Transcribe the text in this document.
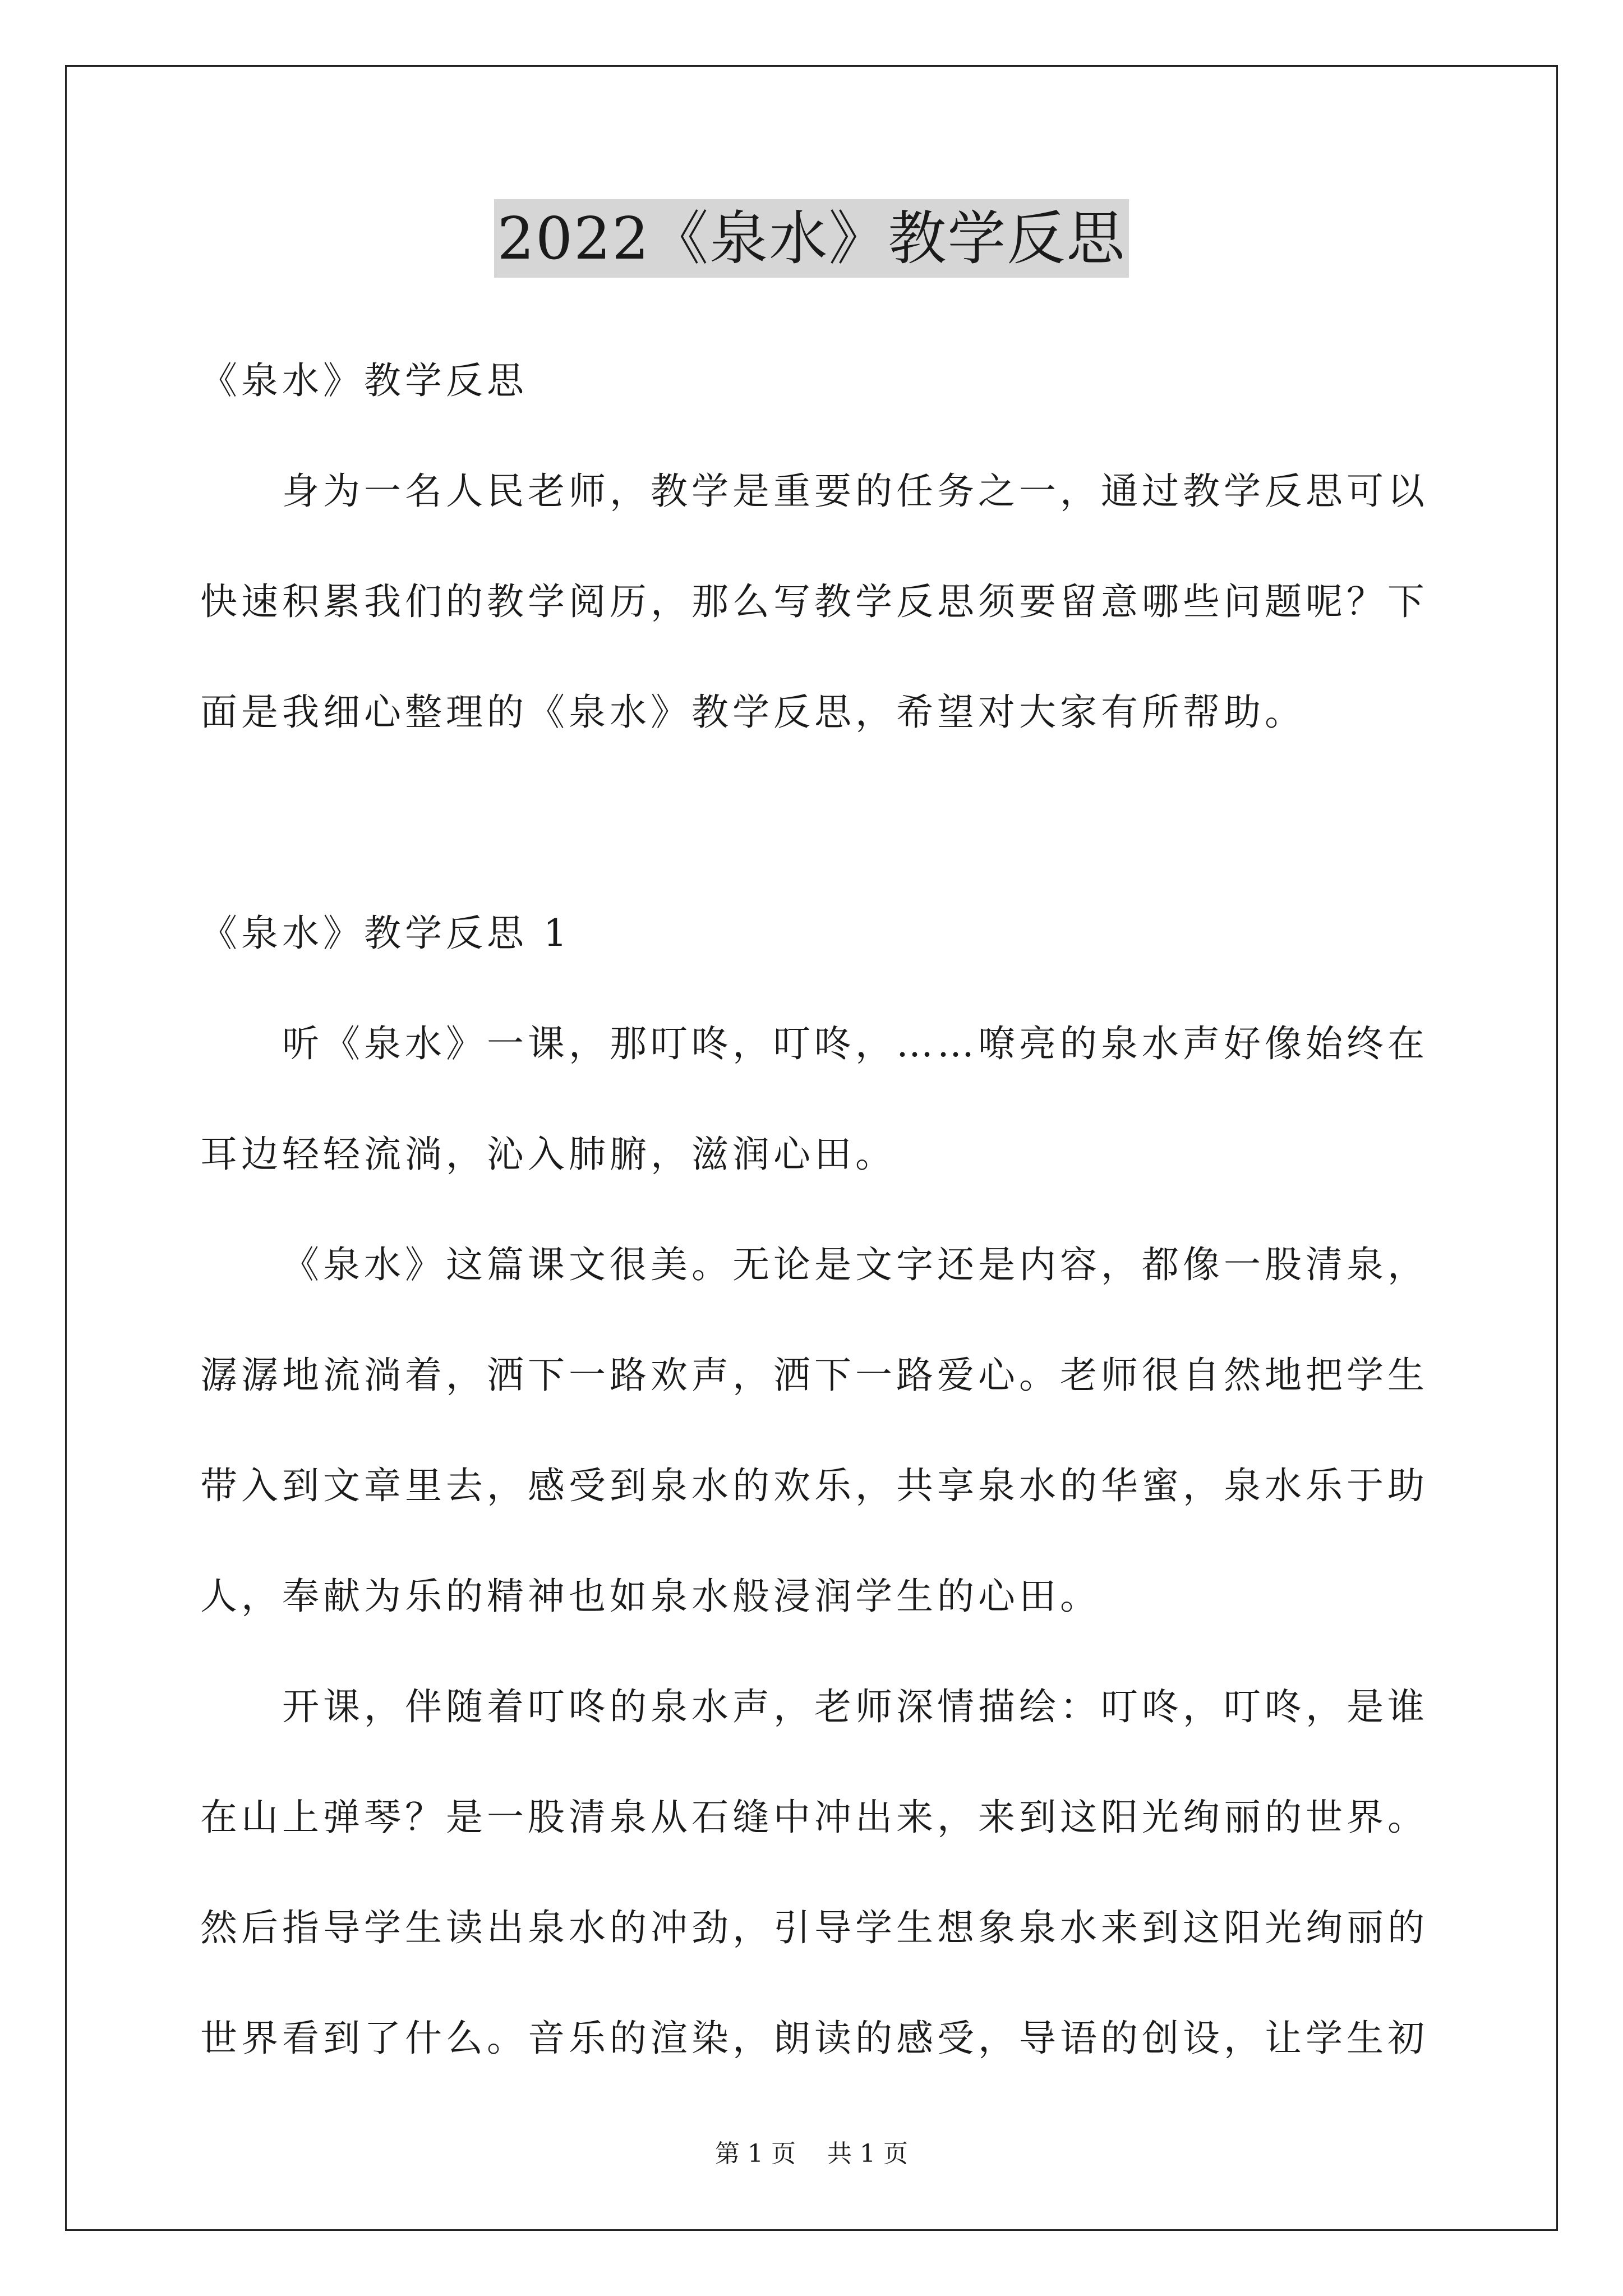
2022《泉水》教学反思

《泉水》教学反思

身为一名人民老师，教学是重要的任务之一，通过教学反思可以快速积累我们的教学阅历，那么写教学反思须要留意哪些问题呢？下面是我细心整理的《泉水》教学反思，希望对大家有所帮助。

《泉水》教学反思 1

听《泉水》一课，那叮咚，叮咚，……嘹亮的泉水声好像始终在耳边轻轻流淌，沁入肺腑，滋润心田。

《泉水》这篇课文很美。无论是文字还是内容，都像一股清泉，潺潺地流淌着，洒下一路欢声，洒下一路爱心。老师很自然地把学生带入到文章里去，感受到泉水的欢乐，共享泉水的华蜜，泉水乐于助人，奉献为乐的精神也如泉水般浸润学生的心田。

开课，伴随着叮咚的泉水声，老师深情描绘：叮咚，叮咚，是谁在山上弹琴？是一股清泉从石缝中冲出来，来到这阳光绚丽的世界。然后指导学生读出泉水的冲劲，引导学生想象泉水来到这阳光绚丽的世界看到了什么。音乐的渲染，朗读的感受，导语的创设，让学生初

第 1 页 共 1 页
